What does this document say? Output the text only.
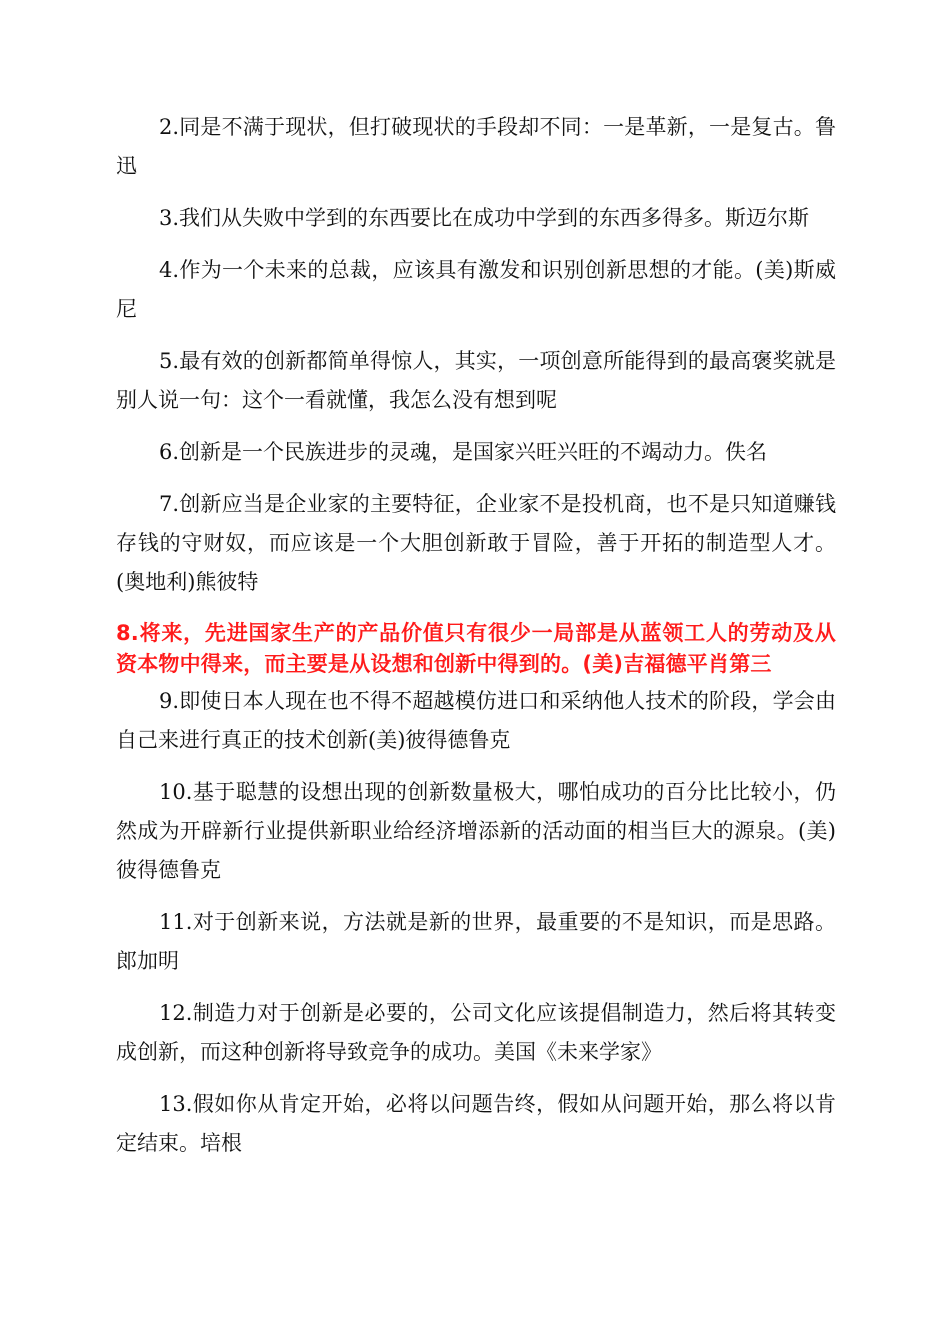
2.同是不满于现状，但打破现状的手段却不同：一是革新，一是复古。鲁迅

3.我们从失败中学到的东西要比在成功中学到的东西多得多。斯迈尔斯

4.作为一个未来的总裁，应该具有激发和识别创新思想的才能。(美)斯威尼

5.最有效的创新都简单得惊人，其实，一项创意所能得到的最高褒奖就是别人说一句：这个一看就懂，我怎么没有想到呢

6.创新是一个民族进步的灵魂，是国家兴旺兴旺的不竭动力。佚名

7.创新应当是企业家的主要特征，企业家不是投机商，也不是只知道赚钱存钱的守财奴，而应该是一个大胆创新敢于冒险，善于开拓的制造型人才。(奥地利)熊彼特

8.将来，先进国家生产的产品价值只有很少一局部是从蓝领工人的劳动及从资本物中得来，而主要是从设想和创新中得到的。(美)吉福德平肖第三

9.即使日本人现在也不得不超越模仿进口和采纳他人技术的阶段，学会由自己来进行真正的技术创新(美)彼得德鲁克

10.基于聪慧的设想出现的创新数量极大，哪怕成功的百分比比较小，仍然成为开辟新行业提供新职业给经济增添新的活动面的相当巨大的源泉。(美)彼得德鲁克

11.对于创新来说，方法就是新的世界，最重要的不是知识，而是思路。郎加明

12.制造力对于创新是必要的，公司文化应该提倡制造力，然后将其转变成创新，而这种创新将导致竞争的成功。美国《未来学家》

13.假如你从肯定开始，必将以问题告终，假如从问题开始，那么将以肯定结束。培根
